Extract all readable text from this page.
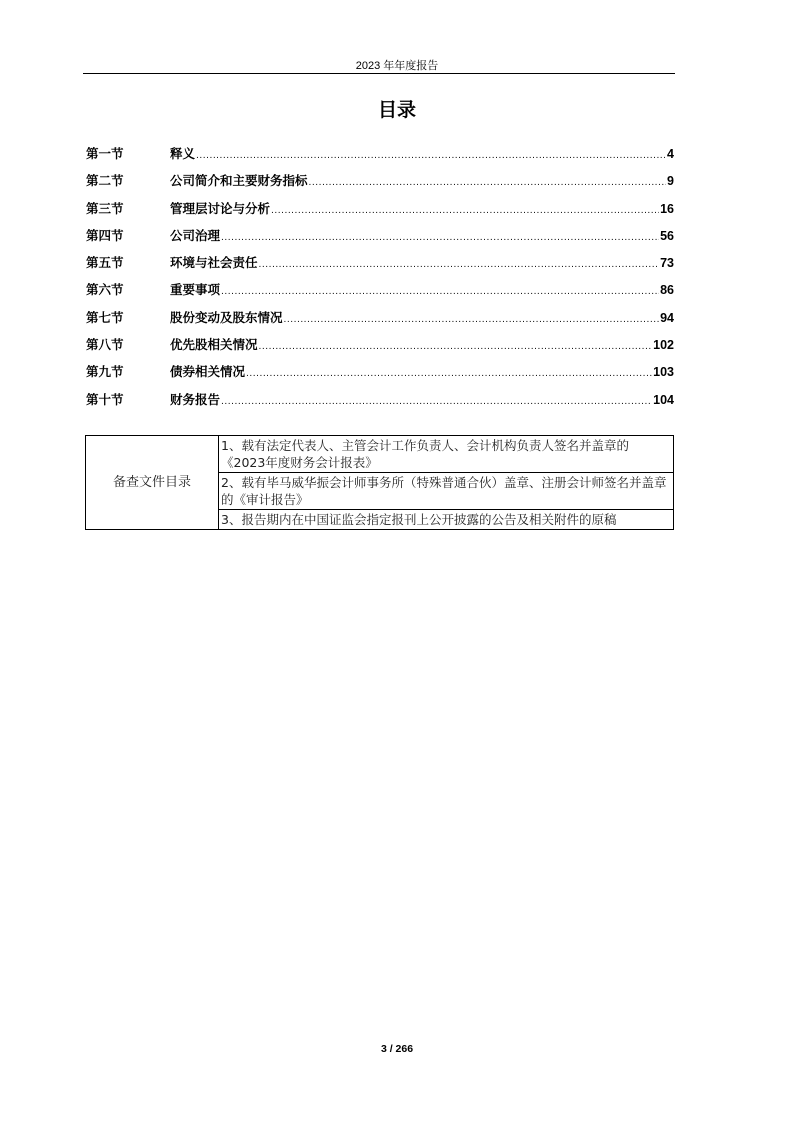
2023 年年度报告
目录
第一节	释义 .....	4
第二节	公司简介和主要财务指标 .....	9
第三节	管理层讨论与分析 .....	16
第四节	公司治理 .....	56
第五节	环境与社会责任 .....	73
第六节	重要事项 .....	86
第七节	股份变动及股东情况 .....	94
第八节	优先股相关情况 .....	102
第九节	债券相关情况 .....	103
第十节	财务报告 .....	104
备查文件目录	1、载有法定代表人、主管会计工作负责人、会计机构负责人签名并盖章的《2023年度财务会计报表》
2、载有毕马威华振会计师事务所（特殊普通合伙）盖章、注册会计师签名并盖章的《审计报告》
3、报告期内在中国证监会指定报刊上公开披露的公告及相关附件的原稿
3 / 266
